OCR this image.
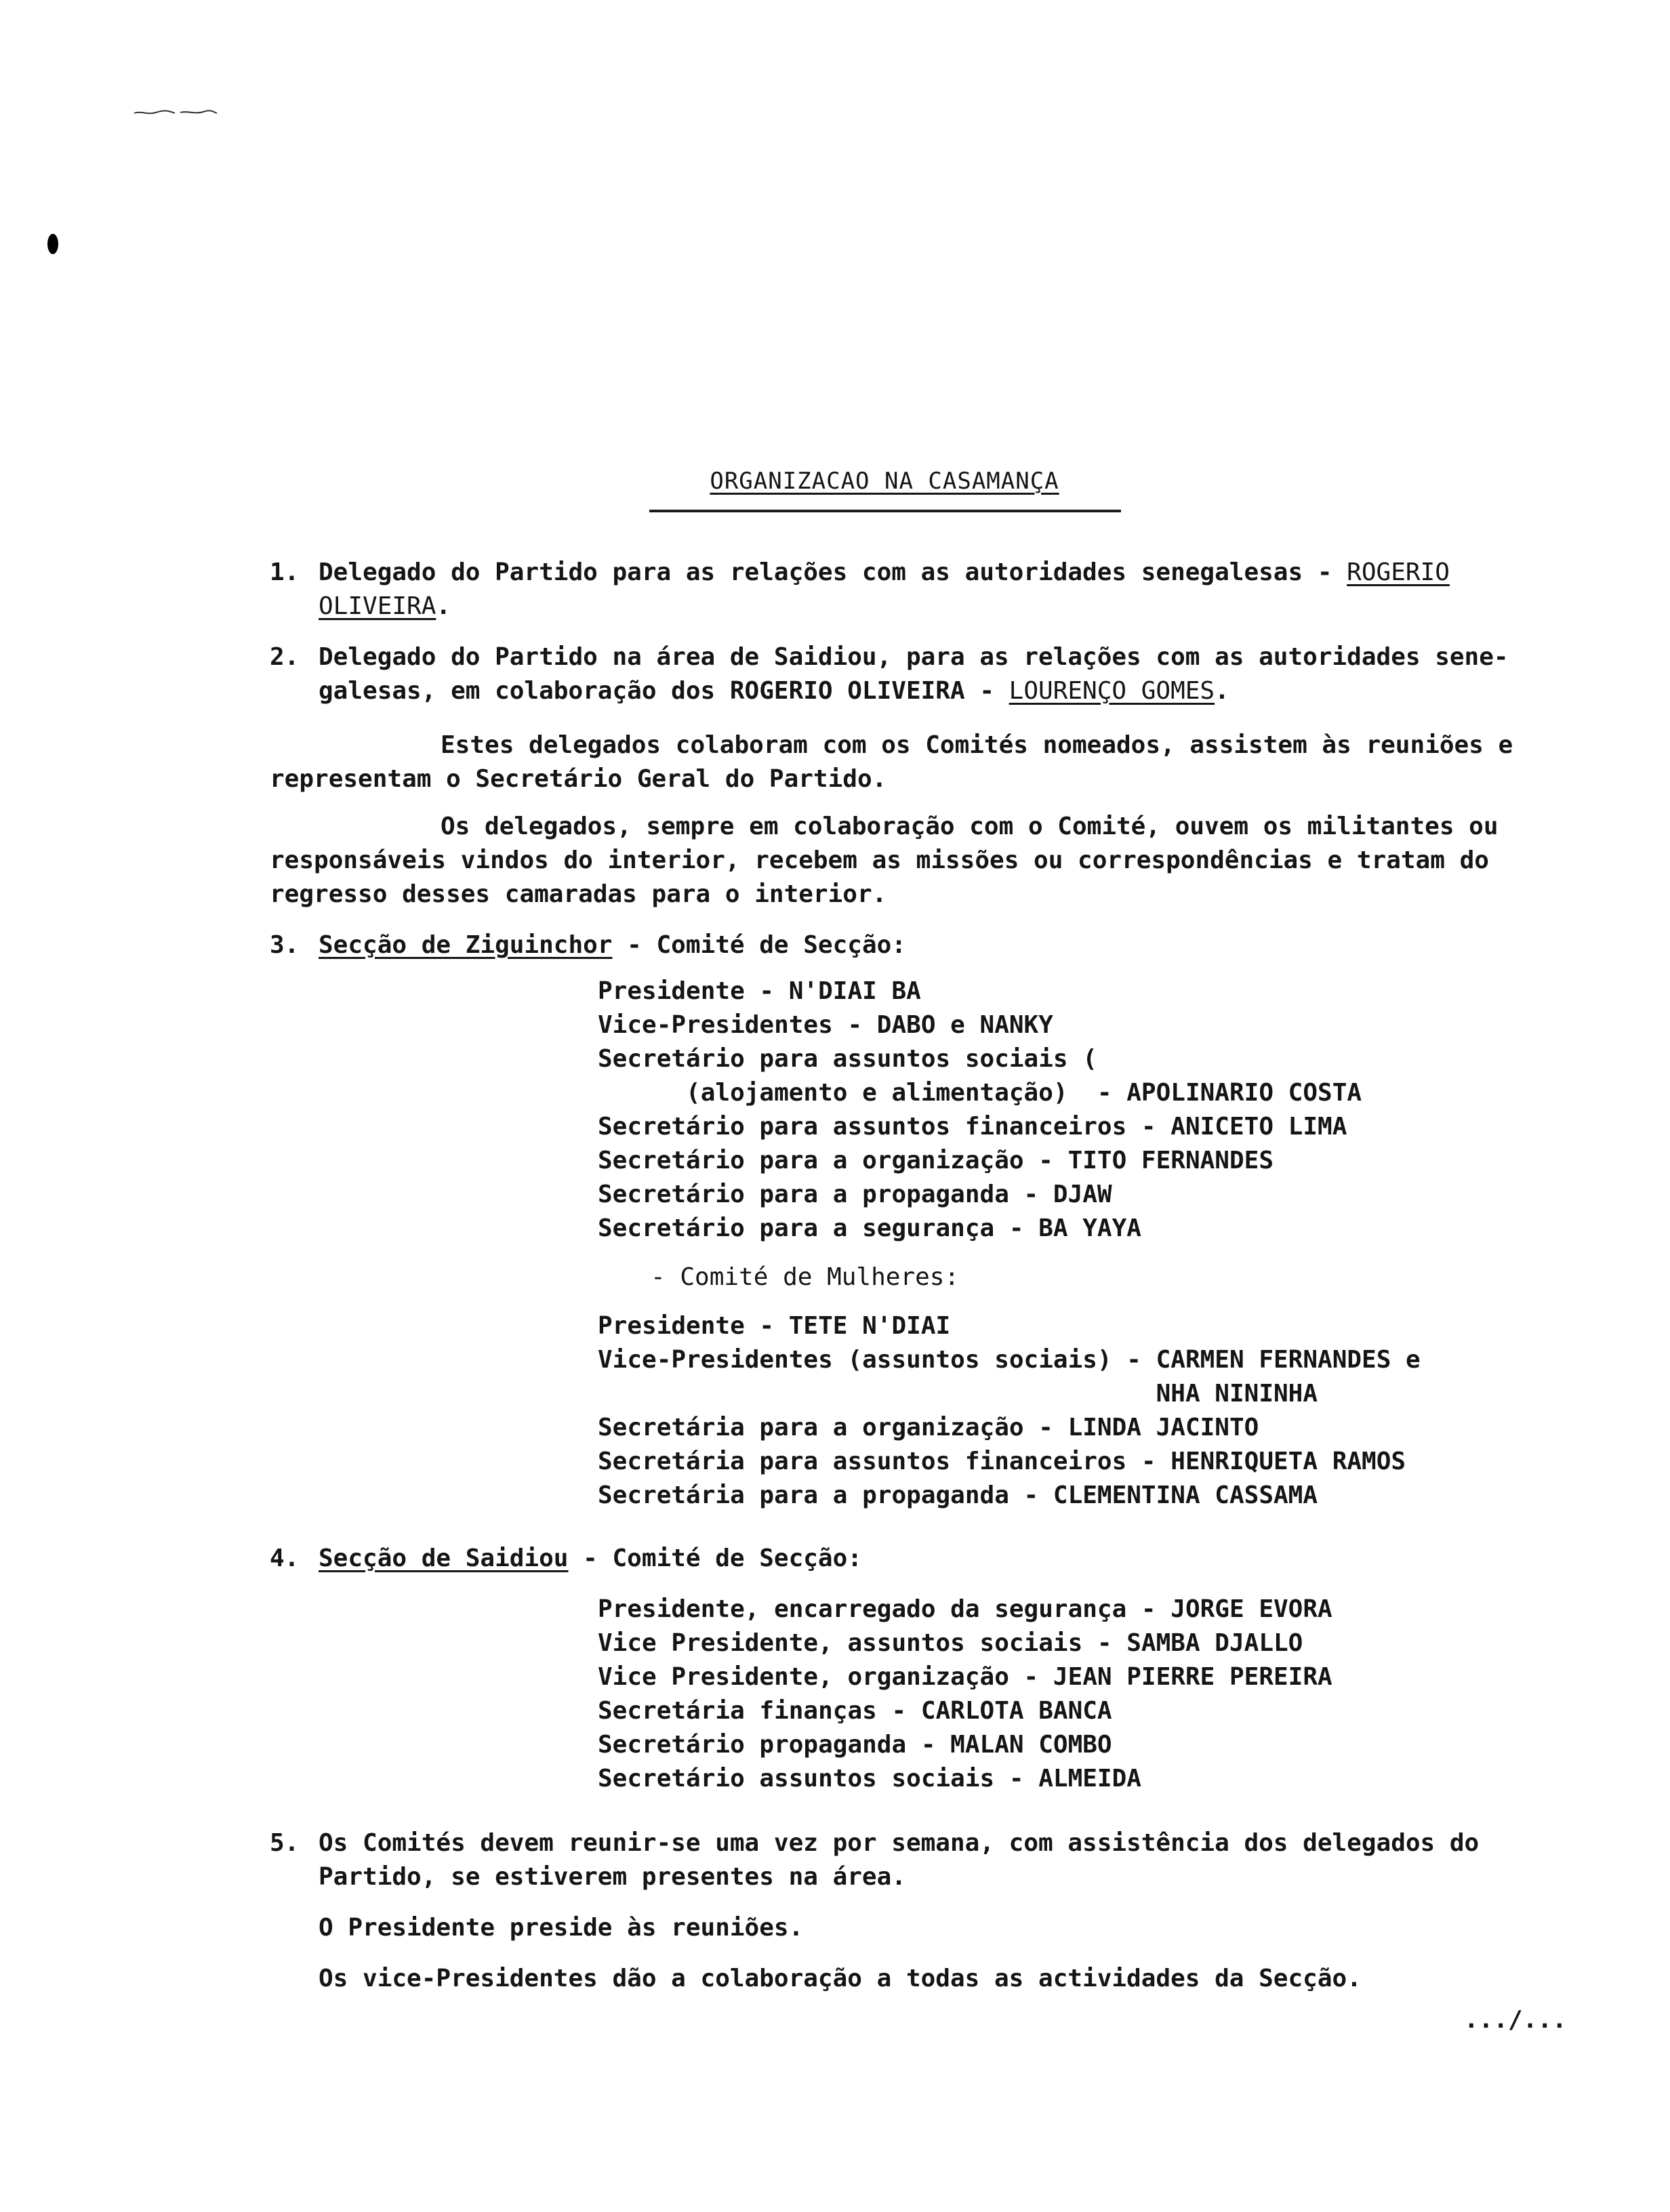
ORGANIZACAO NA CASAMANÇA
1. Delegado do Partido para as relações com as autoridades senegalesas - ROGERIO
OLIVEIRA.
2. Delegado do Partido na área de Saidiou, para as relações com as autoridades sene-
galesas, em colaboração dos ROGERIO OLIVEIRA - LOURENÇO GOMES.
Estes delegados colaboram com os Comités nomeados, assistem às reuniões e
representam o Secretário Geral do Partido.
Os delegados, sempre em colaboração com o Comité, ouvem os militantes ou
responsáveis vindos do interior, recebem as missões ou correspondências e tratam do
regresso desses camaradas para o interior.
3. Secção de Ziguinchor - Comité de Secção:
Presidente - N'DIAI BA
Vice-Presidentes - DABO e NANKY
Secretário para assuntos sociais (
(alojamento e alimentação)  - APOLINARIO COSTA
Secretário para assuntos financeiros - ANICETO LIMA
Secretário para a organização - TITO FERNANDES
Secretário para a propaganda - DJAW
Secretário para a segurança - BA YAYA
- Comité de Mulheres:
Presidente - TETE N'DIAI
Vice-Presidentes (assuntos sociais) - CARMEN FERNANDES e
NHA NININHA
Secretária para a organização - LINDA JACINTO
Secretária para assuntos financeiros - HENRIQUETA RAMOS
Secretária para a propaganda - CLEMENTINA CASSAMA
4. Secção de Saidiou - Comité de Secção:
Presidente, encarregado da segurança - JORGE EVORA
Vice Presidente, assuntos sociais - SAMBA DJALLO
Vice Presidente, organização - JEAN PIERRE PEREIRA
Secretária finanças - CARLOTA BANCA
Secretário propaganda - MALAN COMBO
Secretário assuntos sociais - ALMEIDA
5. Os Comités devem reunir-se uma vez por semana, com assistência dos delegados do
Partido, se estiverem presentes na área.
O Presidente preside às reuniões.
Os vice-Presidentes dão a colaboração a todas as actividades da Secção.
.../...
